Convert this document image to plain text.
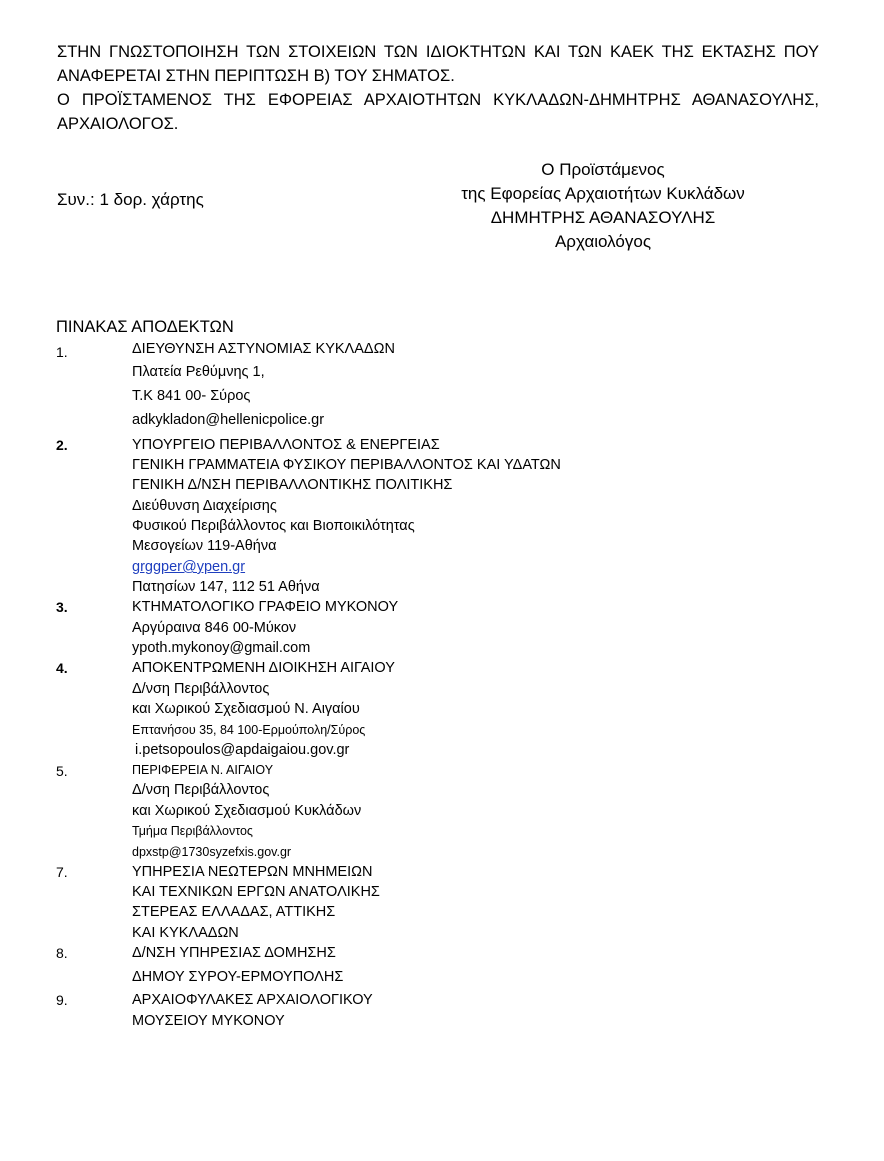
ΣΤΗΝ ΓΝΩΣΤΟΠΟΙΗΣΗ ΤΩΝ ΣΤΟΙΧΕΙΩΝ ΤΩΝ ΙΔΙΟΚΤΗΤΩΝ ΚΑΙ ΤΩΝ ΚΑΕΚ ΤΗΣ ΕΚΤΑΣΗΣ ΠΟΥ

ΑΝΑΦΕΡΕΤΑΙ ΣΤΗΝ ΠΕΡΙΠΤΩΣΗ Β) ΤΟΥ ΣΗΜΑΤΟΣ.

Ο ΠΡΟΪΣΤΑΜΕΝΟΣ ΤΗΣ ΕΦΟΡΕΙΑΣ ΑΡΧΑΙΟΤΗΤΩΝ ΚΥΚΛΑΔΩΝ-ΔΗΜΗΤΡΗΣ ΑΘΑΝΑΣΟΥΛΗΣ,

ΑΡΧΑΙΟΛΟΓΟΣ.

Συν.: 1 δορ. χάρτης
Ο Προϊστάμενος
της Εφορείας Αρχαιοτήτων Κυκλάδων
ΔΗΜΗΤΡΗΣ ΑΘΑΝΑΣΟΥΛΗΣ
Αρχαιολόγος
ΠΙΝΑΚΑΣ ΑΠΟΔΕΚΤΩΝ
1.	ΔΙΕΥΘΥΝΣΗ ΑΣΤΥΝΟΜΙΑΣ ΚΥΚΛΑΔΩΝ
Πλατεία Ρεθύμνης 1,
Τ.Κ 841 00- Σύρος
adkykladon@hellenicpolice.gr
2.	ΥΠΟΥΡΓΕΙΟ ΠΕΡΙΒΑΛΛΟΝΤΟΣ & ΕΝΕΡΓΕΙΑΣ
ΓΕΝΙΚΗ ΓΡΑΜΜΑΤΕΙΑ ΦΥΣΙΚΟΥ ΠΕΡΙΒΑΛΛΟΝΤΟΣ ΚΑΙ ΥΔΑΤΩΝ
ΓΕΝΙΚΗ Δ/ΝΣΗ ΠΕΡΙΒΑΛΛΟΝΤΙΚΗΣ ΠΟΛΙΤΙΚΗΣ
Διεύθυνση Διαχείρισης
Φυσικού Περιβάλλοντος και Βιοποικιλότητας
Μεσογείων 119-Αθήνα
grggper@ypen.gr
Πατησίων 147, 112 51 Αθήνα
3.	ΚΤΗΜΑΤΟΛΟΓΙΚΟ ΓΡΑΦΕΙΟ ΜΥΚΟΝΟΥ
Αργύραινα 846 00-Μύκον
ypoth.mykonoy@gmail.com
4.	ΑΠΟΚΕΝΤΡΩΜΕΝΗ ΔΙΟΙΚΗΣΗ ΑΙΓΑΙΟΥ
Δ/νση Περιβάλλοντος
και Χωρικού Σχεδιασμού Ν. Αιγαίου
Επτανήσου 35, 84 100-Ερμούπολη/Σύρος
i.petsopoulos@apdaigaiou.gov.gr
5.	ΠΕΡΙΦΕΡΕΙΑ Ν. ΑΙΓΑΙΟΥ
Δ/νση Περιβάλλοντος
και Χωρικού Σχεδιασμού Κυκλάδων
Τμήμα Περιβάλλοντος
dpxstp@1730syzefxis.gov.gr
7.	ΥΠΗΡΕΣΙΑ ΝΕΩΤΕΡΩΝ ΜΝΗΜΕΙΩΝ
ΚΑΙ ΤΕΧΝΙΚΩΝ ΕΡΓΩΝ ΑΝΑΤΟΛΙΚΗΣ
ΣΤΕΡΕΑΣ ΕΛΛΑΔΑΣ, ΑΤΤΙΚΗΣ
ΚΑΙ ΚΥΚΛΑΔΩΝ
8.	Δ/ΝΣΗ ΥΠΗΡΕΣΙΑΣ ΔΟΜΗΣΗΣ
ΔΗΜΟΥ ΣΥΡΟΥ-ΕΡΜΟΥΠΟΛΗΣ
9.	ΑΡΧΑΙΟΦΥΛΑΚΕΣ ΑΡΧΑΙΟΛΟΓΙΚΟΥ
ΜΟΥΣΕΙΟΥ ΜΥΚΟΝΟΥ
